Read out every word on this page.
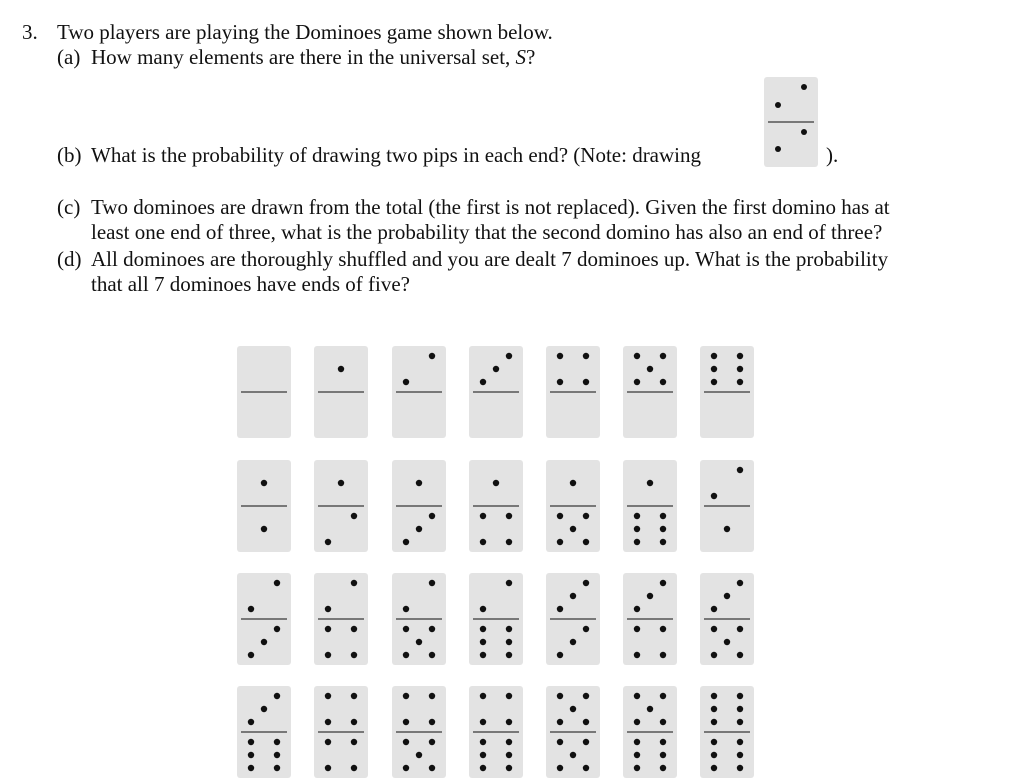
3. Two players are playing the Dominoes game shown below.
(a) How many elements are there in the universal set, S?
(b) What is the probability of drawing two pips in each end? (Note: drawing	).
(c) Two dominoes are drawn from the total (the first is not replaced). Given the first domino has at
least one end of three, what is the probability that the second domino has also an end of three?
(d) All dominoes are thoroughly shuffled and you are dealt 7 dominoes up. What is the probability
that all 7 dominoes have ends of five?
